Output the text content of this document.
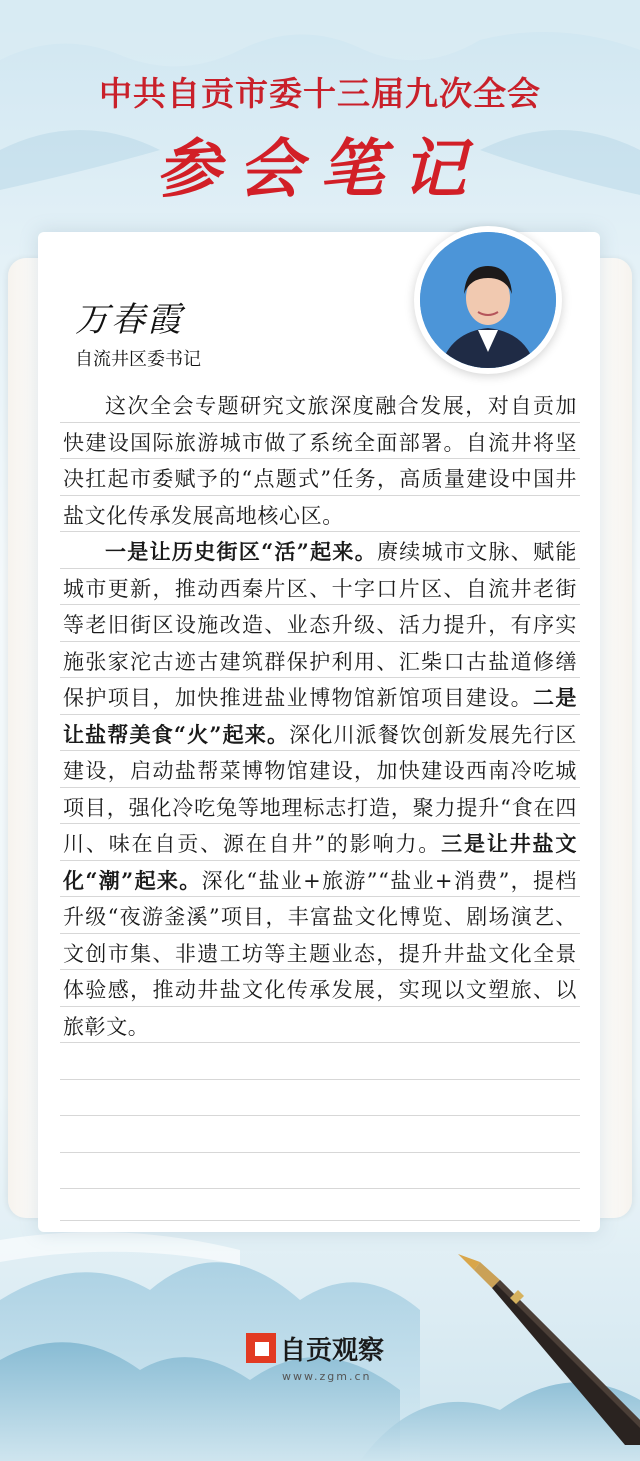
中共自贡市委十三届九次全会
参会笔记
万春霞
自流井区委书记

这次全会专题研究文旅深度融合发展，对自贡加快建设国际旅游城市做了系统全面部署。自流井将坚决扛起市委赋予的“点题式”任务，高质量建设中国井盐文化传承发展高地核心区。

一是让历史街区“活”起来。赓续城市文脉、赋能城市更新，推动西秦片区、十字口片区、自流井老街等老旧街区设施改造、业态升级、活力提升，有序实施张家沱古迹古建筑群保护利用、汇柴口古盐道修缮保护项目，加快推进盐业博物馆新馆项目建设。二是让盐帮美食“火”起来。深化川派餐饮创新发展先行区建设，启动盐帮菜博物馆建设，加快建设西南冷吃城项目，强化冷吃兔等地理标志打造，聚力提升“食在四川、味在自贡、源在自井”的影响力。三是让井盐文化“潮”起来。深化“盐业+旅游”“盐业+消费”，提档升级“夜游釜溪”项目，丰富盐文化博览、剧场演艺、文创市集、非遗工坊等主题业态，提升井盐文化全景体验感，推动井盐文化传承发展，实现以文塑旅、以旅彰文。

自贡观察
www.zgm.cn
